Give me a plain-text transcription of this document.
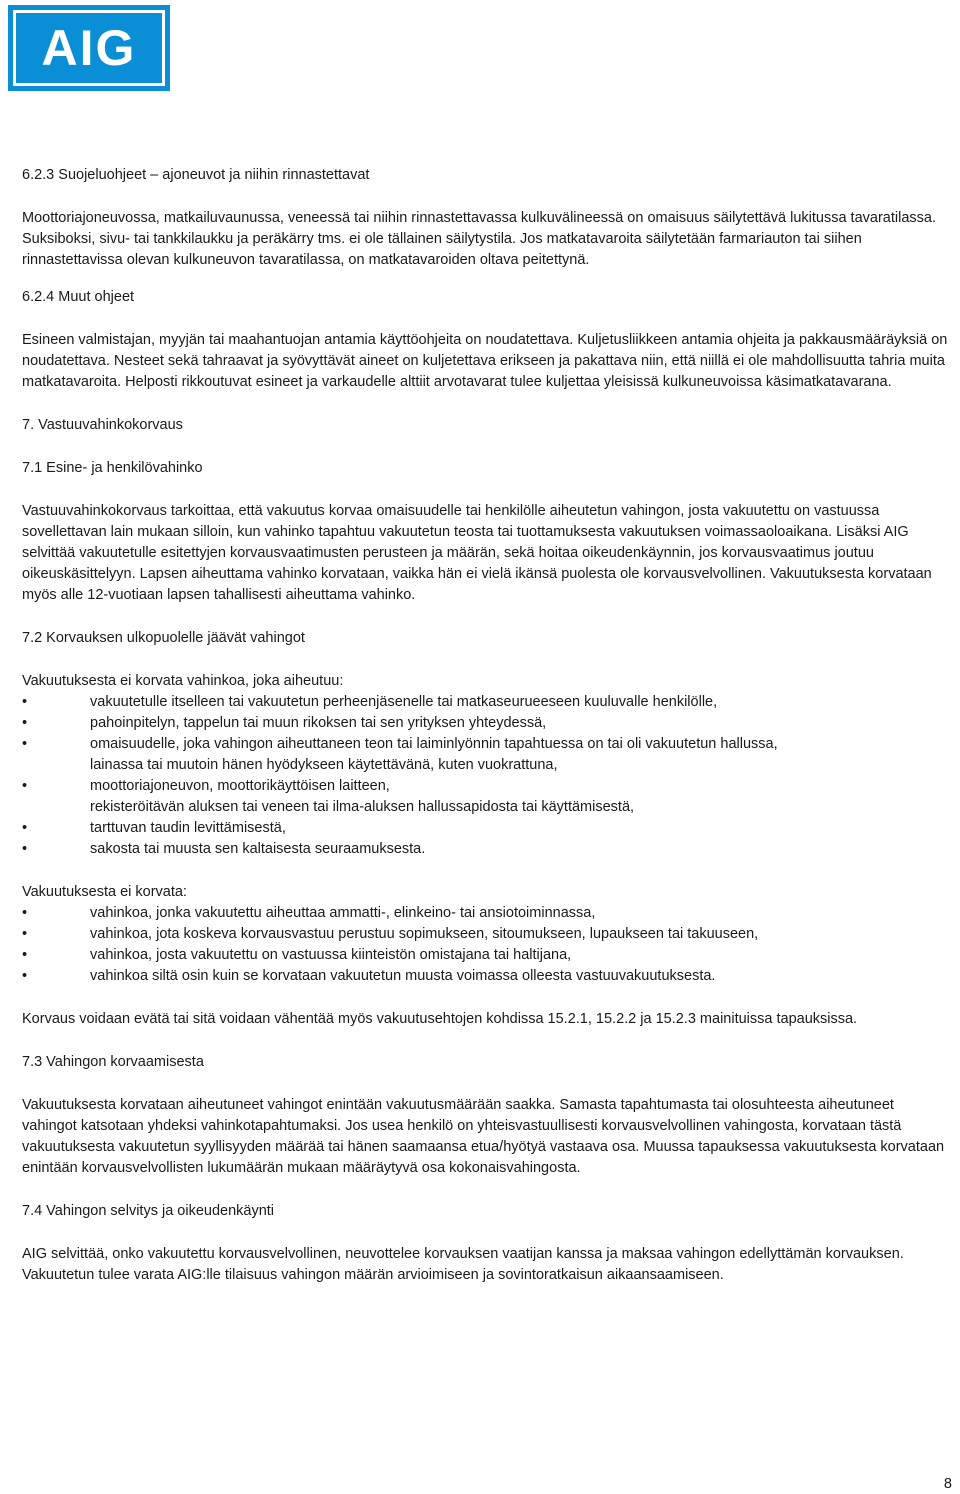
AIG

6.2.3 Suojeluohjeet – ajoneuvot ja niihin rinnastettavat

Moottoriajoneuvossa, matkailuvaunussa, veneessä tai niihin rinnastettavassa kulkuvälineessä on omaisuus säilytettävä lukitussa tavaratilassa. Suksiboksi, sivu- tai tankkilaukku ja peräkärry tms. ei ole tällainen säilytystila. Jos matkatavaroita säilytetään farmariauton tai siihen rinnastettavissa olevan kulkuneuvon tavaratilassa, on matkatavaroiden oltava peitettynä.

6.2.4 Muut ohjeet

Esineen valmistajan, myyjän tai maahantuojan antamia käyttöohjeita on noudatettava. Kuljetusliikkeen antamia ohjeita ja pakkausmääräyksiä on noudatettava. Nesteet sekä tahraavat ja syövyttävät aineet on kuljetettava erikseen ja pakattava niin, että niillä ei ole mahdollisuutta tahria muita matkatavaroita. Helposti rikkoutuvat esineet ja varkaudelle alttiit arvotavarat tulee kuljettaa yleisissä kulkuneuvoissa käsimatkatavarana.

7. Vastuuvahinkokorvaus

7.1 Esine- ja henkilövahinko

Vastuuvahinkokorvaus tarkoittaa, että vakuutus korvaa omaisuudelle tai henkilölle aiheutetun vahingon, josta vakuutettu on vastuussa sovellettavan lain mukaan silloin, kun vahinko tapahtuu vakuutetun teosta tai tuottamuksesta vakuutuksen voimassaoloaikana. Lisäksi AIG selvittää vakuutetulle esitettyjen korvausvaatimusten perusteen ja määrän, sekä hoitaa oikeudenkäynnin, jos korvausvaatimus joutuu oikeuskäsittelyyn. Lapsen aiheuttama vahinko korvataan, vaikka hän ei vielä ikänsä puolesta ole korvausvelvollinen. Vakuutuksesta korvataan myös alle 12-vuotiaan lapsen tahallisesti aiheuttama vahinko.

7.2 Korvauksen ulkopuolelle jäävät vahingot

Vakuutuksesta ei korvata vahinkoa, joka aiheutuu:

•	vakuutetulle itselleen tai vakuutetun perheenjäsenelle tai matkaseurueeseen kuuluvalle henkilölle,
•	pahoinpitelyn, tappelun tai muun rikoksen tai sen yrityksen yhteydessä,
•	omaisuudelle, joka vahingon aiheuttaneen teon tai laiminlyönnin tapahtuessa on tai oli vakuutetun hallussa,
lainassa tai muutoin hänen hyödykseen käytettävänä, kuten vuokrattuna,
•	moottoriajoneuvon, moottorikäyttöisen laitteen,
rekisteröitävän aluksen tai veneen tai ilma-aluksen hallussapidosta tai käyttämisestä,
•	tarttuvan taudin levittämisestä,
•	sakosta tai muusta sen kaltaisesta seuraamuksesta.

Vakuutuksesta ei korvata:

•	vahinkoa, jonka vakuutettu aiheuttaa ammatti-, elinkeino- tai ansiotoiminnassa,
•	vahinkoa, jota koskeva korvausvastuu perustuu sopimukseen, sitoumukseen, lupaukseen tai takuuseen,
•	vahinkoa, josta vakuutettu on vastuussa kiinteistön omistajana tai haltijana,
•	vahinkoa siltä osin kuin se korvataan vakuutetun muusta voimassa olleesta vastuuvakuutuksesta.

Korvaus voidaan evätä tai sitä voidaan vähentää myös vakuutusehtojen kohdissa 15.2.1, 15.2.2 ja 15.2.3 mainituissa tapauksissa.

7.3 Vahingon korvaamisesta

Vakuutuksesta korvataan aiheutuneet vahingot enintään vakuutusmäärään saakka. Samasta tapahtumasta tai olosuhteesta aiheutuneet vahingot katsotaan yhdeksi vahinkotapahtumaksi. Jos usea henkilö on yhteisvastuullisesti korvausvelvollinen vahingosta, korvataan tästä vakuutuksesta vakuutetun syyllisyyden määrää tai hänen saamaansa etua/hyötyä vastaava osa. Muussa tapauksessa vakuutuksesta korvataan enintään korvausvelvollisten lukumäärän mukaan määräytyvä osa kokonaisvahingosta.

7.4 Vahingon selvitys ja oikeudenkäynti

AIG selvittää, onko vakuutettu korvausvelvollinen, neuvottelee korvauksen vaatijan kanssa ja maksaa vahingon edellyttämän korvauksen. Vakuutetun tulee varata AIG:lle tilaisuus vahingon määrän arvioimiseen ja sovintoratkaisun aikaansaamiseen.

8
